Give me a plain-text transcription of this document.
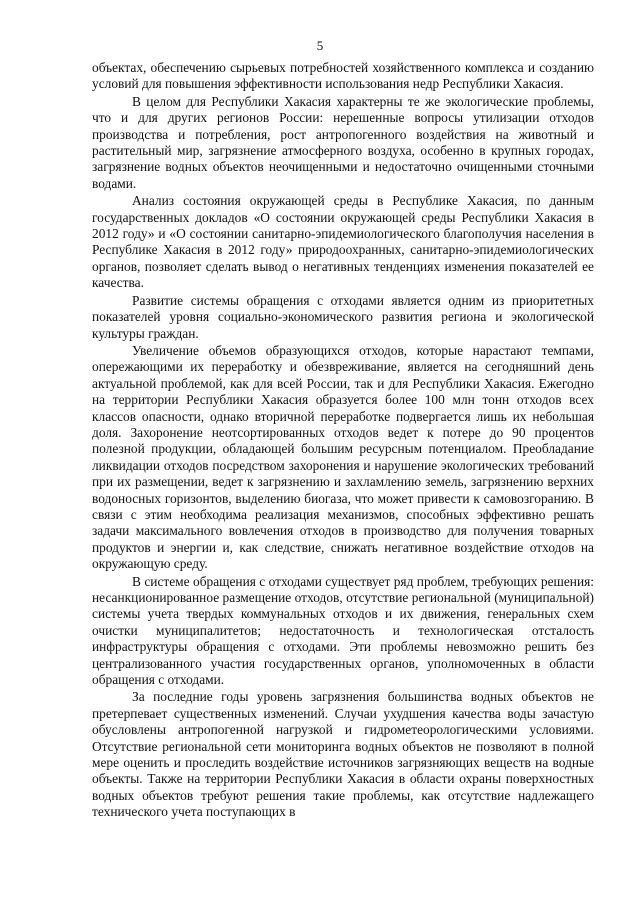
5

объектах, обеспечению сырьевых потребностей хозяйственного комплекса и созданию условий для повышения эффективности использования недр Республики Хакасия.

В целом для Республики Хакасия характерны те же экологические проблемы, что и для других регионов России: нерешенные вопросы утилизации отходов производства и потребления, рост антропогенного воздействия на животный и растительный мир, загрязнение атмосферного воздуха, особенно в крупных городах, загрязнение водных объектов неочищенными и недостаточно очищенными сточными водами.

Анализ состояния окружающей среды в Республике Хакасия, по данным государственных докладов «О состоянии окружающей среды Республики Хакасия в 2012 году» и «О состоянии санитарно-эпидемиологического благополучия населения в Республике Хакасия в 2012 году» природоохранных, санитарно-эпидемиологических органов, позволяет сделать вывод о негативных тенденциях изменения показателей ее качества.

Развитие системы обращения с отходами является одним из приоритетных показателей уровня социально-экономического развития региона и экологической культуры граждан.

Увеличение объемов образующихся отходов, которые нарастают темпами, опережающими их переработку и обезвреживание, является на сегодняшний день актуальной проблемой, как для всей России, так и для Республики Хакасия. Ежегодно на территории Республики Хакасия образуется более 100 млн тонн отходов всех классов опасности, однако вторичной переработке подвергается лишь их небольшая доля. Захоронение неотсортированных отходов ведет к потере до 90 процентов полезной продукции, обладающей большим ресурсным потенциалом. Преобладание ликвидации отходов посредством захоронения и нарушение экологических требований при их размещении, ведет к загрязнению и захламлению земель, загрязнению верхних водоносных горизонтов, выделению биогаза, что может привести к самовозгоранию. В связи с этим необходима реализация механизмов, способных эффективно решать задачи максимального вовлечения отходов в производство для получения товарных продуктов и энергии и, как следствие, снижать негативное воздействие отходов на окружающую среду.

В системе обращения с отходами существует ряд проблем, требующих решения: несанкционированное размещение отходов, отсутствие региональной (муниципальной) системы учета твердых коммунальных отходов и их движения, генеральных схем очистки муниципалитетов; недостаточность и технологическая отсталость инфраструктуры обращения с отходами. Эти проблемы невозможно решить без централизованного участия государственных органов, уполномоченных в области обращения с отходами.

За последние годы уровень загрязнения большинства водных объектов не претерпевает существенных изменений. Случаи ухудшения качества воды зачастую обусловлены антропогенной нагрузкой и гидрометеорологическими условиями. Отсутствие региональной сети мониторинга водных объектов не позволяют в полной мере оценить и проследить воздействие источников загрязняющих веществ на водные объекты. Также на территории Республики Хакасия в области охраны поверхностных водных объектов требуют решения такие проблемы, как отсутствие надлежащего технического учета поступающих в
